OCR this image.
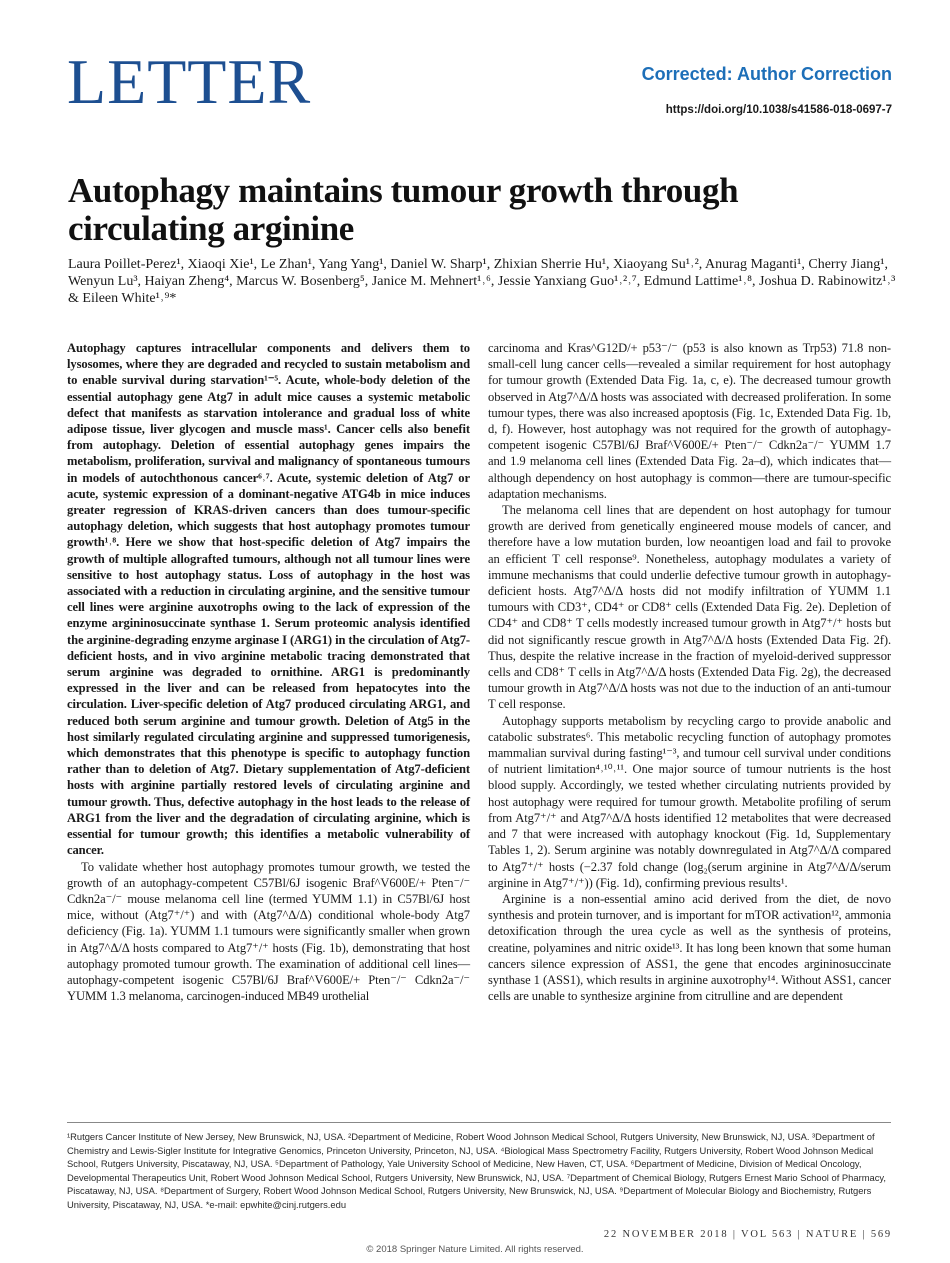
LETTER	Corrected: Author Correction
https://doi.org/10.1038/s41586-018-0697-7
Autophagy maintains tumour growth through circulating arginine
Laura Poillet-Perez¹, Xiaoqi Xie¹, Le Zhan¹, Yang Yang¹, Daniel W. Sharp¹, Zhixian Sherrie Hu¹, Xiaoyang Su¹˒², Anurag Maganti¹, Cherry Jiang¹, Wenyun Lu³, Haiyan Zheng⁴, Marcus W. Bosenberg⁵, Janice M. Mehnert¹˒⁶, Jessie Yanxiang Guo¹˒²˒⁷, Edmund Lattime¹˒⁸, Joshua D. Rabinowitz¹˒³ & Eileen White¹˒⁹*

Autophagy captures intracellular components and delivers them to lysosomes, where they are degraded and recycled to sustain metabolism and to enable survival during starvation¹⁻⁵. Acute, whole-body deletion of the essential autophagy gene Atg7 in adult mice causes a systemic metabolic defect that manifests as starvation intolerance and gradual loss of white adipose tissue, liver glycogen and muscle mass¹. Cancer cells also benefit from autophagy. Deletion of essential autophagy genes impairs the metabolism, proliferation, survival and malignancy of spontaneous tumours in models of autochthonous cancer⁶˒⁷. Acute, systemic deletion of Atg7 or acute, systemic expression of a dominant-negative ATG4b in mice induces greater regression of KRAS-driven cancers than does tumour-specific autophagy deletion, which suggests that host autophagy promotes tumour growth¹˒⁸. Here we show that host-specific deletion of Atg7 impairs the growth of multiple allografted tumours, although not all tumour lines were sensitive to host autophagy status. Loss of autophagy in the host was associated with a reduction in circulating arginine, and the sensitive tumour cell lines were arginine auxotrophs owing to the lack of expression of the enzyme argininosuccinate synthase 1. Serum proteomic analysis identified the arginine-degrading enzyme arginase I (ARG1) in the circulation of Atg7-deficient hosts, and in vivo arginine metabolic tracing demonstrated that serum arginine was degraded to ornithine. ARG1 is predominantly expressed in the liver and can be released from hepatocytes into the circulation. Liver-specific deletion of Atg7 produced circulating ARG1, and reduced both serum arginine and tumour growth. Deletion of Atg5 in the host similarly regulated circulating arginine and suppressed tumorigenesis, which demonstrates that this phenotype is specific to autophagy function rather than to deletion of Atg7. Dietary supplementation of Atg7-deficient hosts with arginine partially restored levels of circulating arginine and tumour growth. Thus, defective autophagy in the host leads to the release of ARG1 from the liver and the degradation of circulating arginine, which is essential for tumour growth; this identifies a metabolic vulnerability of cancer.

To validate whether host autophagy promotes tumour growth, we tested the growth of an autophagy-competent C57Bl/6J isogenic Braf^V600E/+ Pten⁻/⁻ Cdkn2a⁻/⁻ mouse melanoma cell line (termed YUMM 1.1) in C57Bl/6J host mice, without (Atg7⁺/⁺) and with (Atg7^Δ/Δ) conditional whole-body Atg7 deficiency (Fig. 1a). YUMM 1.1 tumours were significantly smaller when grown in Atg7^Δ/Δ hosts compared to Atg7⁺/⁺ hosts (Fig. 1b), demonstrating that host autophagy promoted tumour growth. The examination of additional cell lines—autophagy-competent isogenic C57Bl/6J Braf^V600E/+ Pten⁻/⁻ Cdkn2a⁻/⁻ YUMM 1.3 melanoma, carcinogen-induced MB49 urothelial

carcinoma and Kras^G12D/+ p53⁻/⁻ (p53 is also known as Trp53) 71.8 non-small-cell lung cancer cells—revealed a similar requirement for host autophagy for tumour growth (Extended Data Fig. 1a, c, e). The decreased tumour growth observed in Atg7^Δ/Δ hosts was associated with decreased proliferation. In some tumour types, there was also increased apoptosis (Fig. 1c, Extended Data Fig. 1b, d, f). However, host autophagy was not required for the growth of autophagy-competent isogenic C57Bl/6J Braf^V600E/+ Pten⁻/⁻ Cdkn2a⁻/⁻ YUMM 1.7 and 1.9 melanoma cell lines (Extended Data Fig. 2a–d), which indicates that—although dependency on host autophagy is common—there are tumour-specific adaptation mechanisms.

The melanoma cell lines that are dependent on host autophagy for tumour growth are derived from genetically engineered mouse models of cancer, and therefore have a low mutation burden, low neoantigen load and fail to provoke an efficient T cell response⁹. Nonetheless, autophagy modulates a variety of immune mechanisms that could underlie defective tumour growth in autophagy-deficient hosts. Atg7^Δ/Δ hosts did not modify infiltration of YUMM 1.1 tumours with CD3⁺, CD4⁺ or CD8⁺ cells (Extended Data Fig. 2e). Depletion of CD4⁺ and CD8⁺ T cells modestly increased tumour growth in Atg7⁺/⁺ hosts but did not significantly rescue growth in Atg7^Δ/Δ hosts (Extended Data Fig. 2f). Thus, despite the relative increase in the fraction of myeloid-derived suppressor cells and CD8⁺ T cells in Atg7^Δ/Δ hosts (Extended Data Fig. 2g), the decreased tumour growth in Atg7^Δ/Δ hosts was not due to the induction of an anti-tumour T cell response.

Autophagy supports metabolism by recycling cargo to provide anabolic and catabolic substrates⁶. This metabolic recycling function of autophagy promotes mammalian survival during fasting¹⁻³, and tumour cell survival under conditions of nutrient limitation⁴˒¹⁰˒¹¹. One major source of tumour nutrients is the host blood supply. Accordingly, we tested whether circulating nutrients provided by host autophagy were required for tumour growth. Metabolite profiling of serum from Atg7⁺/⁺ and Atg7^Δ/Δ hosts identified 12 metabolites that were decreased and 7 that were increased with autophagy knockout (Fig. 1d, Supplementary Tables 1, 2). Serum arginine was notably downregulated in Atg7^Δ/Δ compared to Atg7⁺/⁺ hosts (−2.37 fold change (log₂(serum arginine in Atg7^Δ/Δ/serum arginine in Atg7⁺/⁺)) (Fig. 1d), confirming previous results¹.

Arginine is a non-essential amino acid derived from the diet, de novo synthesis and protein turnover, and is important for mTOR activation¹², ammonia detoxification through the urea cycle as well as the synthesis of proteins, creatine, polyamines and nitric oxide¹³. It has long been known that some human cancers silence expression of ASS1, the gene that encodes argininosuccinate synthase 1 (ASS1), which results in arginine auxotrophy¹⁴. Without ASS1, cancer cells are unable to synthesize arginine from citrulline and are dependent

¹Rutgers Cancer Institute of New Jersey, New Brunswick, NJ, USA. ²Department of Medicine, Robert Wood Johnson Medical School, Rutgers University, New Brunswick, NJ, USA. ³Department of Chemistry and Lewis-Sigler Institute for Integrative Genomics, Princeton University, Princeton, NJ, USA. ⁴Biological Mass Spectrometry Facility, Rutgers University, Robert Wood Johnson Medical School, Rutgers University, Piscataway, NJ, USA. ⁵Department of Pathology, Yale University School of Medicine, New Haven, CT, USA. ⁶Department of Medicine, Division of Medical Oncology, Developmental Therapeutics Unit, Robert Wood Johnson Medical School, Rutgers University, New Brunswick, NJ, USA. ⁷Department of Chemical Biology, Rutgers Ernest Mario School of Pharmacy, Piscataway, NJ, USA. ⁸Department of Surgery, Robert Wood Johnson Medical School, Rutgers University, New Brunswick, NJ, USA. ⁹Department of Molecular Biology and Biochemistry, Rutgers University, Piscataway, NJ, USA. *e-mail: epwhite@cinj.rutgers.edu

22 NOVEMBER 2018 | VOL 563 | NATURE | 569
© 2018 Springer Nature Limited. All rights reserved.
